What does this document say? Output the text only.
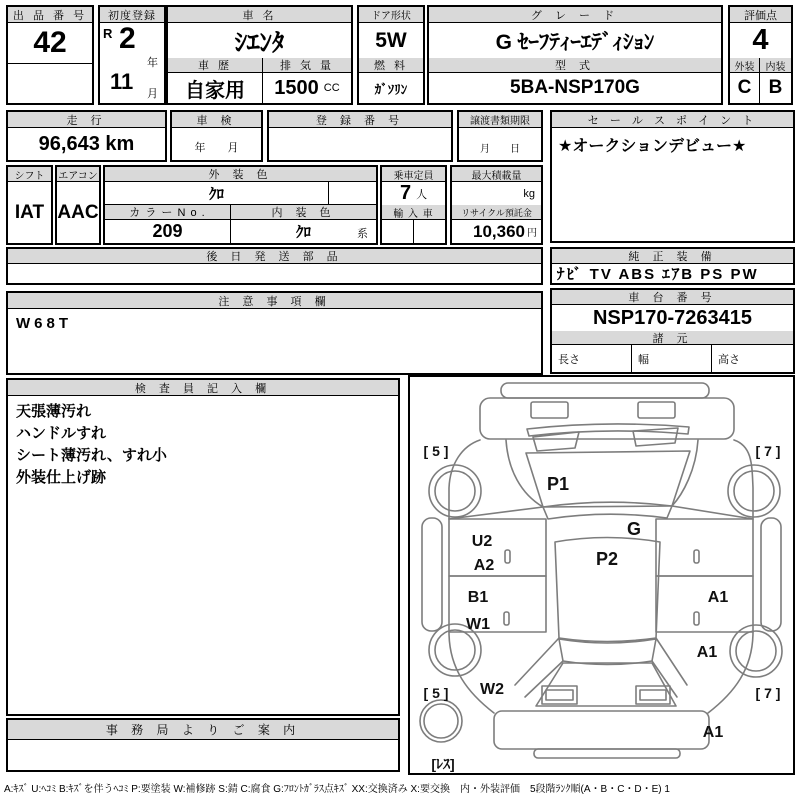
出 品 番 号
42
初度登録
R 2
年
11 月
車 名
ｼｴﾝﾀ
車 歴	排 気 量
自家用	1500 CC
ドア形状
5W
燃 料
ｶﾞｿﾘﾝ
グ レ ー ド
G ｾｰﾌﾃｨｰｴﾃﾞｨｼｮﾝ
型 式
5BA-NSP170G
評価点
4
外装	内装
C B
走 行
96,643 km
車 検
年　　月
登 録 番 号	譲渡書類期限
月　　日
セ ー ル ス ポ イ ン ト
★オークションデビュー★
シフト
IAT
エアコン
AAC
外 装 色
ｸﾛ
カ ラ ー N o .	内 装 色
209	ｸﾛ	系
乗車定員
7 人
輸 入 車
最大積載量
kg
リサイクル預託金
10,360 円
後 日 発 送 部 品	純 正 装 備
ﾅﾋﾞ TV ABS ｴｱB PS PW
注 意 事 項 欄
W68T
車 台 番 号
NSP170-7263415
諸 元
長さ	幅	高さ
検 査 員 記 入 欄
天張薄汚れ
ハンドルすれ
シート薄汚れ、すれ小
外装仕上げ跡
事 務 局 よ り ご 案 内
P1
G
P2
U2
A2
B1
W1
A1
A1
W2
A1
[ 5 ]	[ 7 ]
[ 5 ]	[ 7 ]
[ﾚｽ]
A:ｷｽﾞ U:ﾍｺﾐ B:ｷｽﾞを伴うﾍｺﾐ P:要塗装 W:補修跡 S:錆 C:腐食 G:ﾌﾛﾝﾄｶﾞﾗｽ点ｷｽﾞ XX:交換済み X:要交換　内・外装評価　5段階ﾗﾝｸ順(A・B・C・D・E) 1
